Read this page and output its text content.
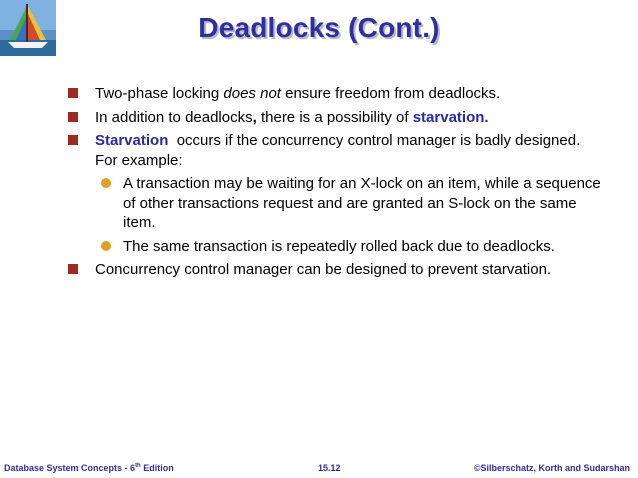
Deadlocks (Cont.)
Two-phase locking does not ensure freedom from deadlocks.
In addition to deadlocks, there is a possibility of starvation.
Starvation  occurs if the concurrency control manager is badly designed. For example:
A transaction may be waiting for an X-lock on an item, while a sequence of other transactions request and are granted an S-lock on the same item.
The same transaction is repeatedly rolled back due to deadlocks.
Concurrency control manager can be designed to prevent starvation.
Database System Concepts - 6th Edition	15.12	©Silberschatz, Korth and Sudarshan
